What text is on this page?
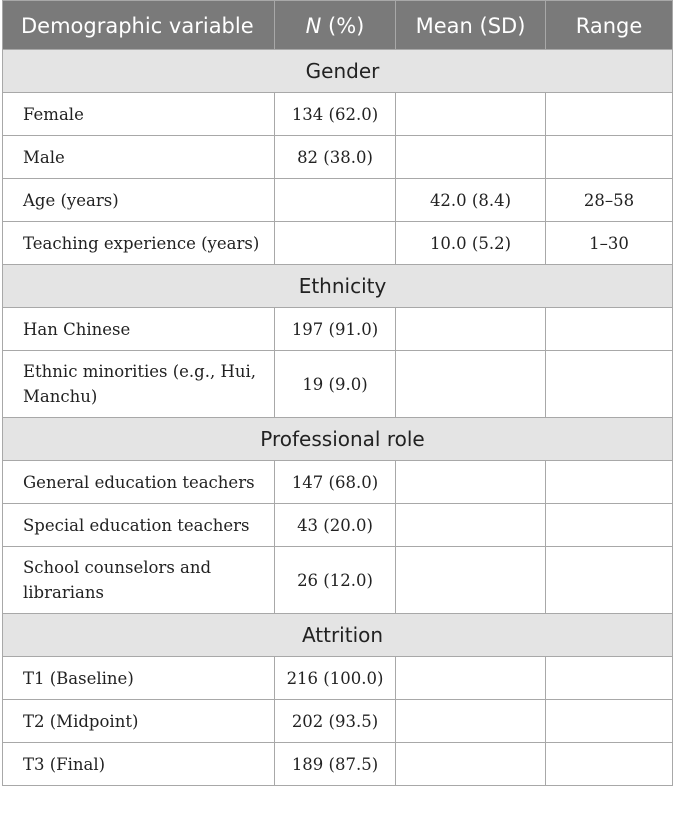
Demographic variable	N (%)	Mean (SD)	Range
Gender			
Female	134 (62.0)		
Male	82 (38.0)		
Age (years)		42.0 (8.4)	28–58
Teaching experience (years)		10.0 (5.2)	1–30
Ethnicity			
Han Chinese	197 (91.0)		
Ethnic minorities (e.g., Hui, Manchu)	19 (9.0)		
Professional role			
General education teachers	147 (68.0)		
Special education teachers	43 (20.0)		
School counselors and librarians	26 (12.0)		
Attrition			
T1 (Baseline)	216 (100.0)		
T2 (Midpoint)	202 (93.5)		
T3 (Final)	189 (87.5)		
